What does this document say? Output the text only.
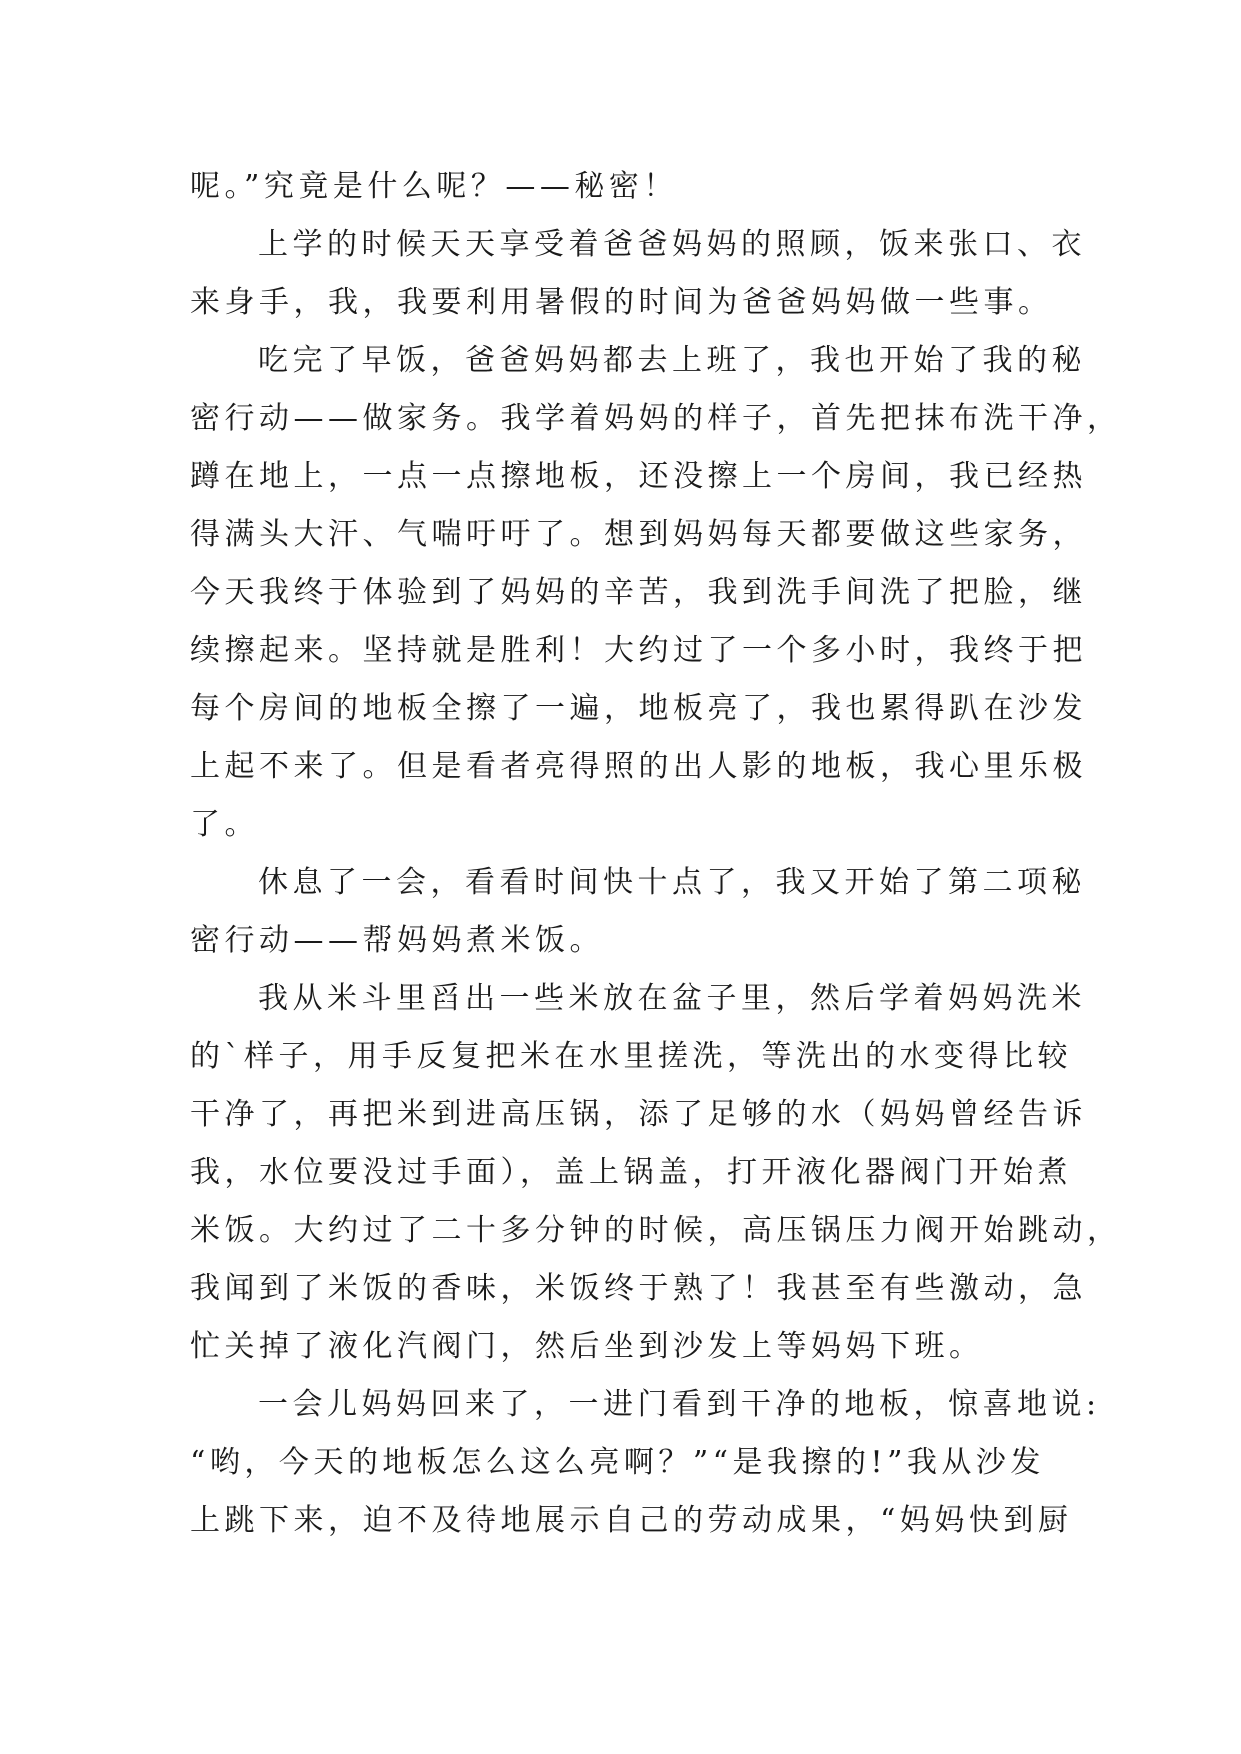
呢。”究竟是什么呢？——秘密！
上学的时候天天享受着爸爸妈妈的照顾，饭来张口、衣
来身手，我，我要利用暑假的时间为爸爸妈妈做一些事。
吃完了早饭，爸爸妈妈都去上班了，我也开始了我的秘
密行动——做家务。我学着妈妈的样子，首先把抹布洗干净，
蹲在地上，一点一点擦地板，还没擦上一个房间，我已经热
得满头大汗、气喘吁吁了。想到妈妈每天都要做这些家务，
今天我终于体验到了妈妈的辛苦，我到洗手间洗了把脸，继
续擦起来。坚持就是胜利！大约过了一个多小时，我终于把
每个房间的地板全擦了一遍，地板亮了，我也累得趴在沙发
上起不来了。但是看者亮得照的出人影的地板，我心里乐极
了。
休息了一会，看看时间快十点了，我又开始了第二项秘
密行动——帮妈妈煮米饭。
我从米斗里舀出一些米放在盆子里，然后学着妈妈洗米
的`样子，用手反复把米在水里搓洗，等洗出的水变得比较
干净了，再把米到进高压锅，添了足够的水（妈妈曾经告诉
我，水位要没过手面），盖上锅盖，打开液化器阀门开始煮
米饭。大约过了二十多分钟的时候，高压锅压力阀开始跳动，
我闻到了米饭的香味，米饭终于熟了！我甚至有些激动，急
忙关掉了液化汽阀门，然后坐到沙发上等妈妈下班。
一会儿妈妈回来了，一进门看到干净的地板，惊喜地说:
“哟，今天的地板怎么这么亮啊？”“是我擦的!”我从沙发
上跳下来，迫不及待地展示自己的劳动成果，“妈妈快到厨
